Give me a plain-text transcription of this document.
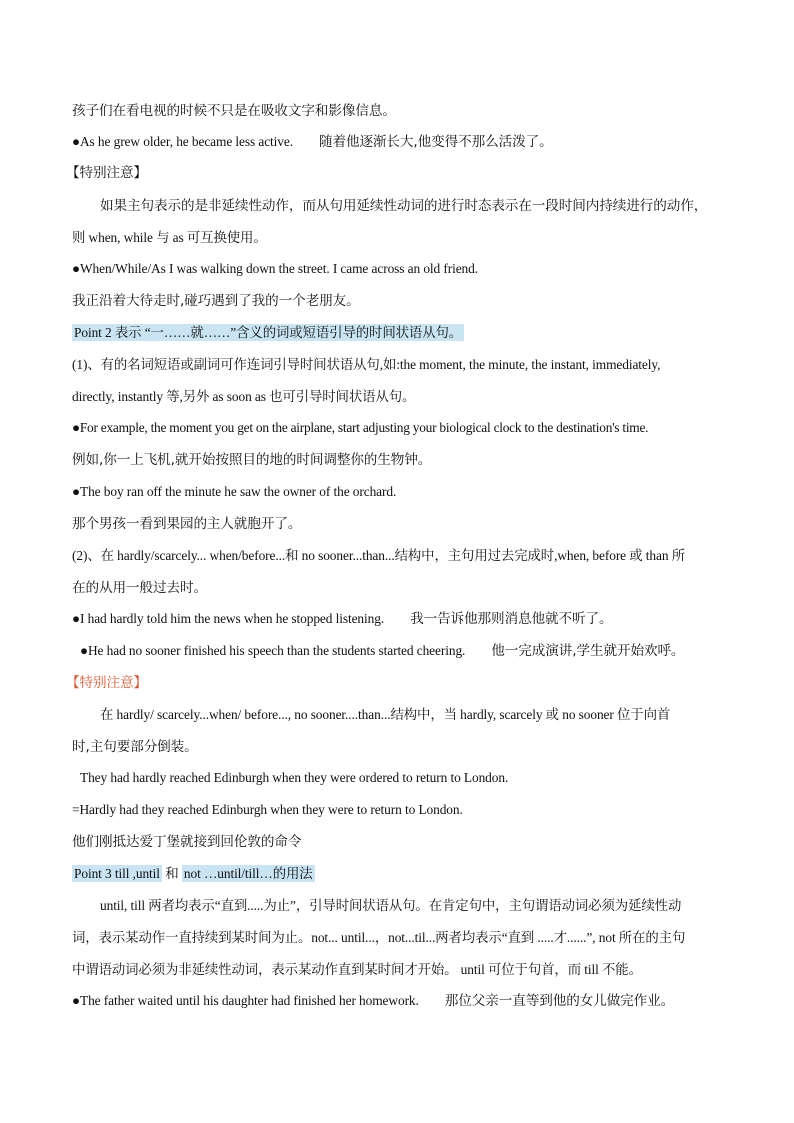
孩子们在看电视的时候不只是在吸收文字和影像信息。
●As he grew older, he became less active. 随着他逐渐长大,他变得不那么活泼了。
【特别注意】
如果主句表示的是非延续性动作，而从句用延续性动词的进行时态表示在一段时间内持续进行的动作，
则 when, while 与 as 可互换使用。
●When/While/As I was walking down the street. I came across an old friend.
我正沿着大待走时,碰巧遇到了我的一个老朋友。
Point 2 表示 “一……就……”含义的词或短语引导的时间状语从句。
(1)、有的名词短语或副词可作连词引导时间状语从句,如:the moment, the minute, the instant, immediately,
directly, instantly 等,另外 as soon as 也可引导时间状语从句。
●For example, the moment you get on the airplane, start adjusting your biological clock to the destination's time.
例如,你一上飞机,就开始按照目的地的时间调整你的生物钟。
●The boy ran off the minute he saw the owner of the orchard.
那个男孩一看到果园的主人就胞开了。
(2)、在 hardly/scarcely... when/before...和 no sooner...than...结构中，主句用过去完成时,when, before 或 than 所
在的从用一般过去时。
●I had hardly told him the news when he stopped listening. 我一告诉他那则消息他就不听了。
●He had no sooner finished his speech than the students started cheering. 他一完成演讲,学生就开始欢呼。
【特别注意】
在 hardly/ scarcely...when/ before..., no sooner....than...结构中，当 hardly, scarcely 或 no sooner 位于向首
时,主句要部分倒装。
They had hardly reached Edinburgh when they were ordered to return to London.
=Hardly had they reached Edinburgh when they were to return to London.
他们刚抵达爱丁堡就接到回伦敦的命令
Point 3 till ,until 和 not …until/till…的用法
until, till 两者均表示“直到.....为止”，引导时间状语从句。在肯定句中，主句谓语动词必须为延续性动
词，表示某动作一直持续到某时间为止。not... until...，not...til...两者均表示“直到 .....才......”, not 所在的主句
中谓语动词必须为非延续性动词，表示某动作直到某时间才开始。 until 可位于句首，而 till 不能。
●The father waited until his daughter had finished her homework. 那位父亲一直等到他的女儿做完作业。
